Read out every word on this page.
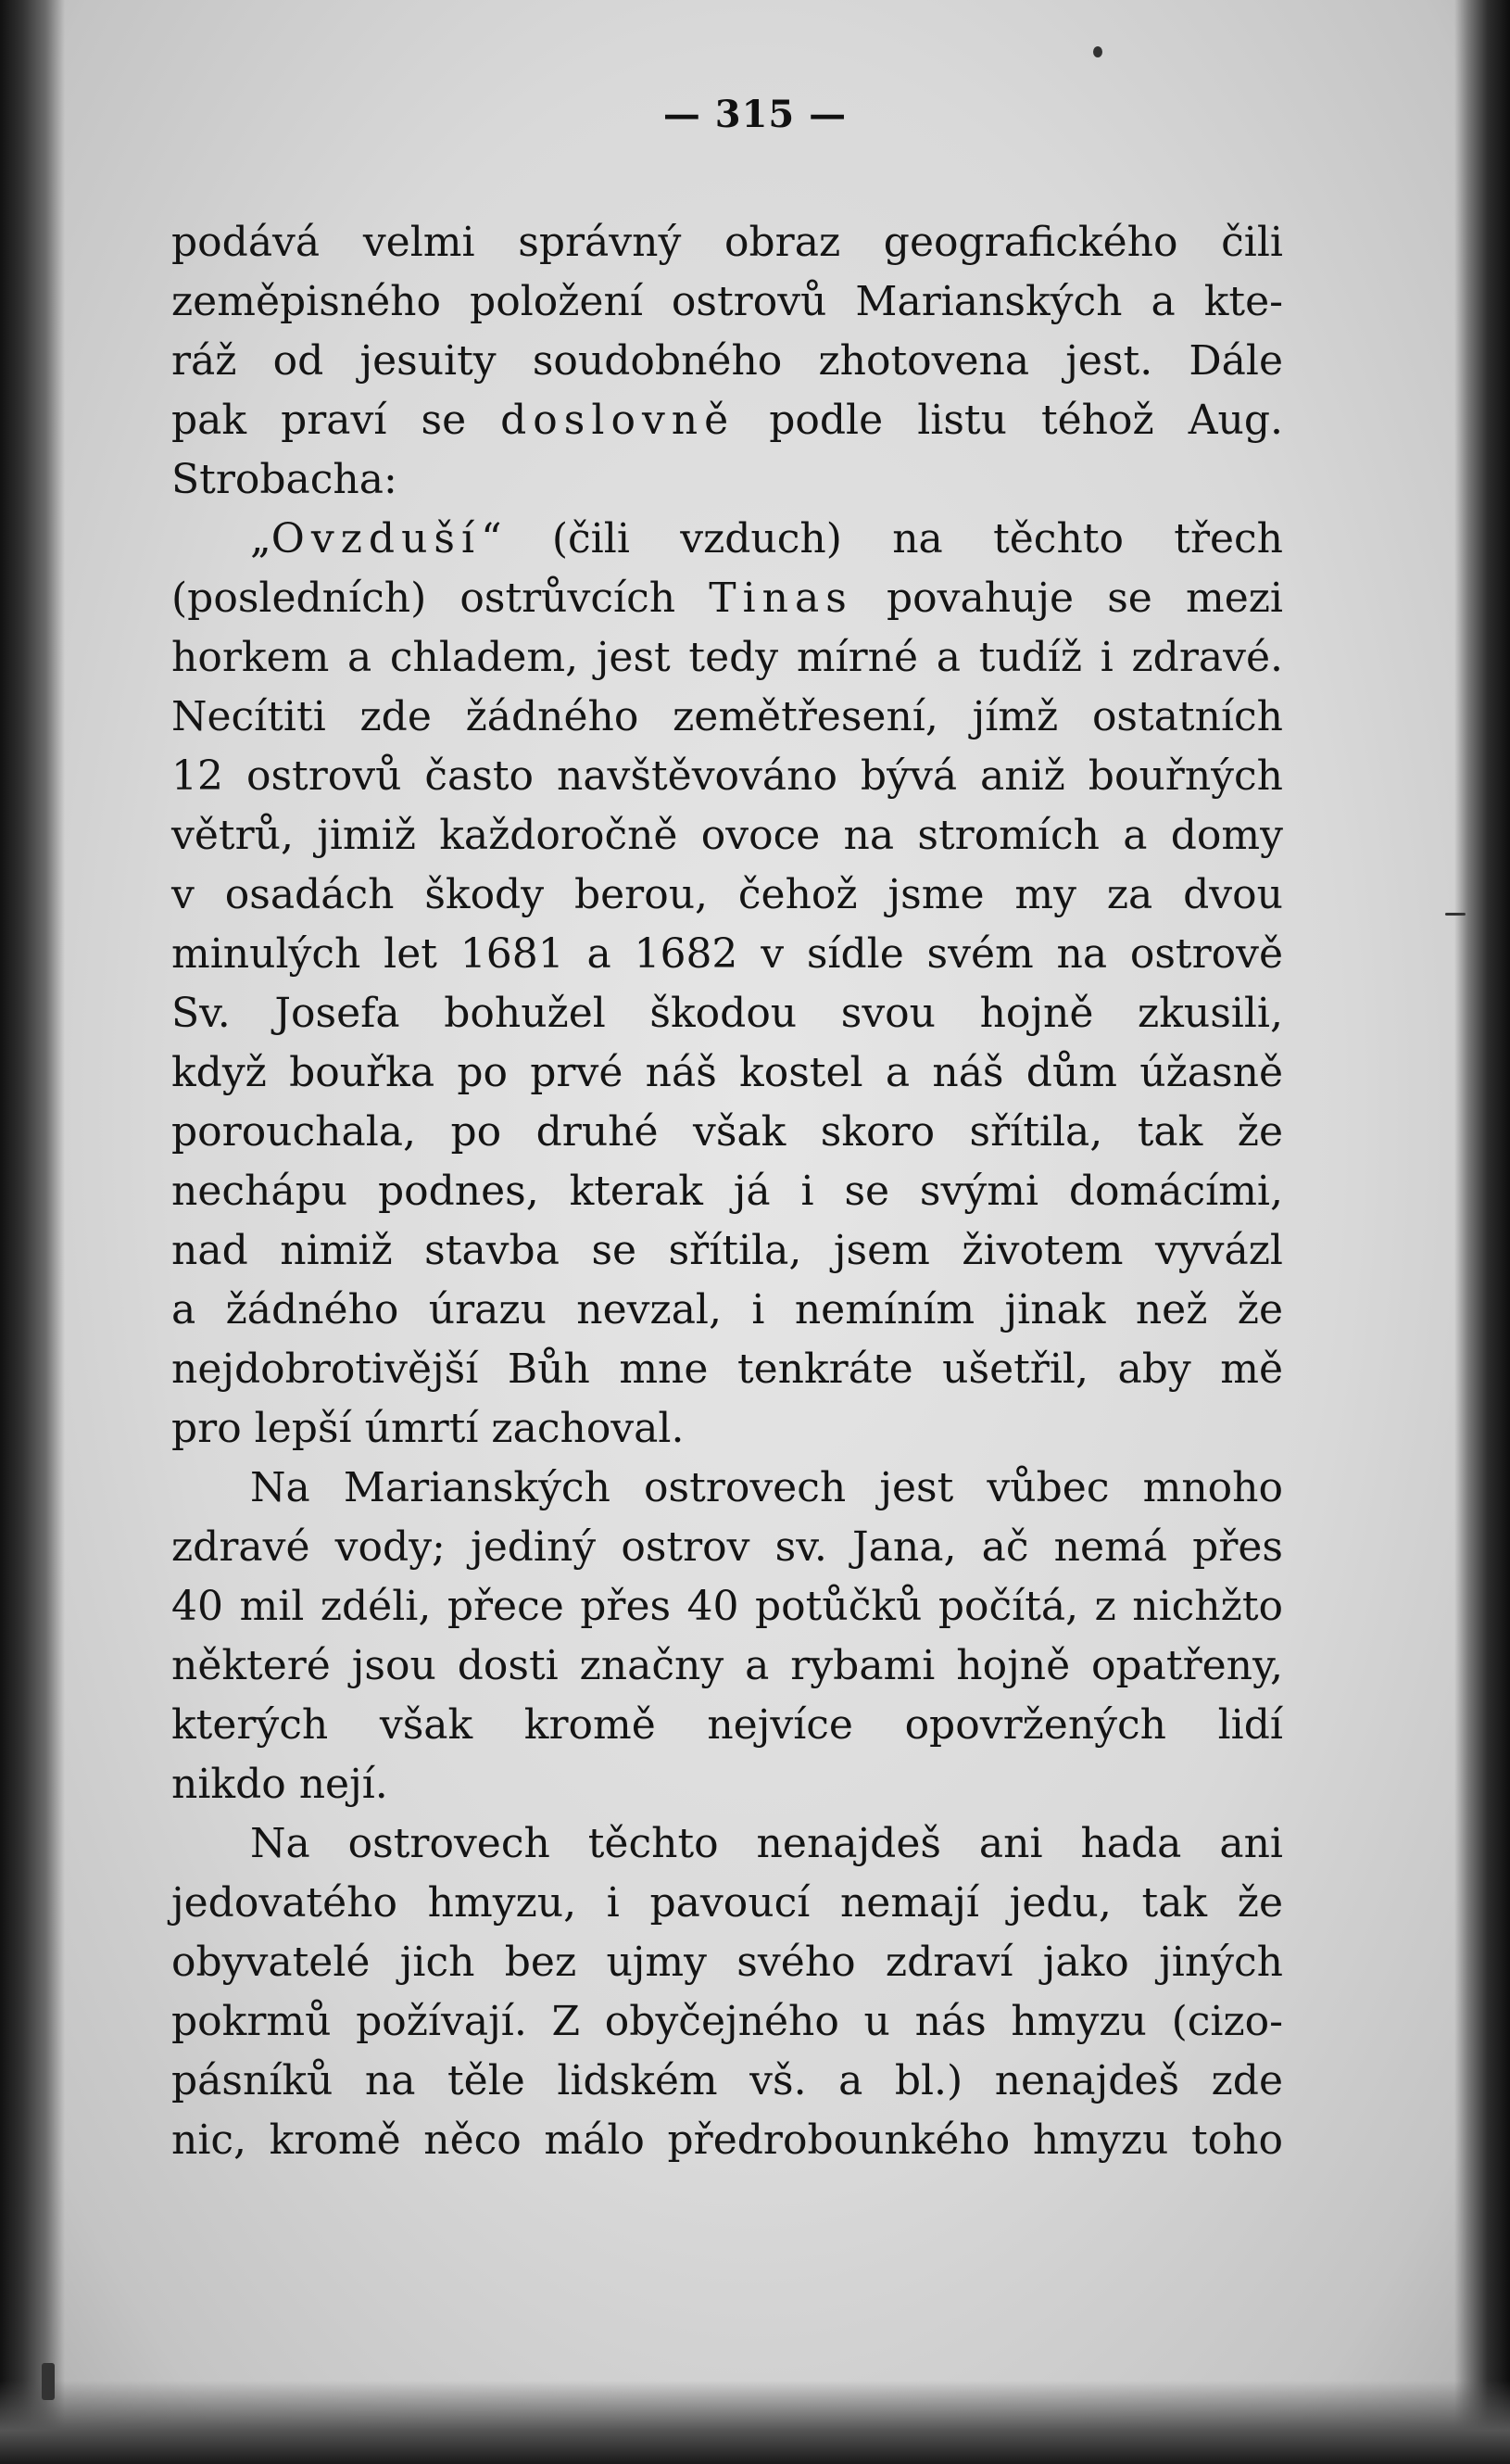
— 315 —
podává velmi správný obraz geografického čili
zeměpisného položení ostrovů Marianských a kte-
ráž od jesuity soudobného zhotovena jest. Dále
pak praví se doslovně podle listu téhož Aug.
Strobacha:
„Ovzduší“ (čili vzduch) na těchto třech
(posledních) ostrůvcích Tinas povahuje se mezi
horkem a chladem, jest tedy mírné a tudíž i zdravé.
Necítiti zde žádného zemětřesení, jímž ostatních
12 ostrovů často navštěvováno bývá aniž bouřných
větrů, jimiž každoročně ovoce na stromích a domy
v osadách škody berou, čehož jsme my za dvou
minulých let 1681 a 1682 v sídle svém na ostrově
Sv. Josefa bohužel škodou svou hojně zkusili,
když bouřka po prvé náš kostel a náš dům úžasně
porouchala, po druhé však skoro sřítila, tak že
nechápu podnes, kterak já i se svými domácími,
nad nimiž stavba se sřítila, jsem životem vyvázl
a žádného úrazu nevzal, i nemíním jinak než že
nejdobrotivější Bůh mne tenkráte ušetřil, aby mě
pro lepší úmrtí zachoval.
Na Marianských ostrovech jest vůbec mnoho
zdravé vody; jediný ostrov sv. Jana, ač nemá přes
40 mil zdéli, přece přes 40 potůčků počítá, z nichžto
některé jsou dosti značny a rybami hojně opatřeny,
kterých však kromě nejvíce opovržených lidí
nikdo nejí.
Na ostrovech těchto nenajdeš ani hada ani
jedovatého hmyzu, i pavoucí nemají jedu, tak že
obyvatelé jich bez ujmy svého zdraví jako jiných
pokrmů požívají. Z obyčejného u nás hmyzu (cizo-
pásníků na těle lidském vš. a bl.) nenajdeš zde
nic, kromě něco málo předrobounkého hmyzu toho
